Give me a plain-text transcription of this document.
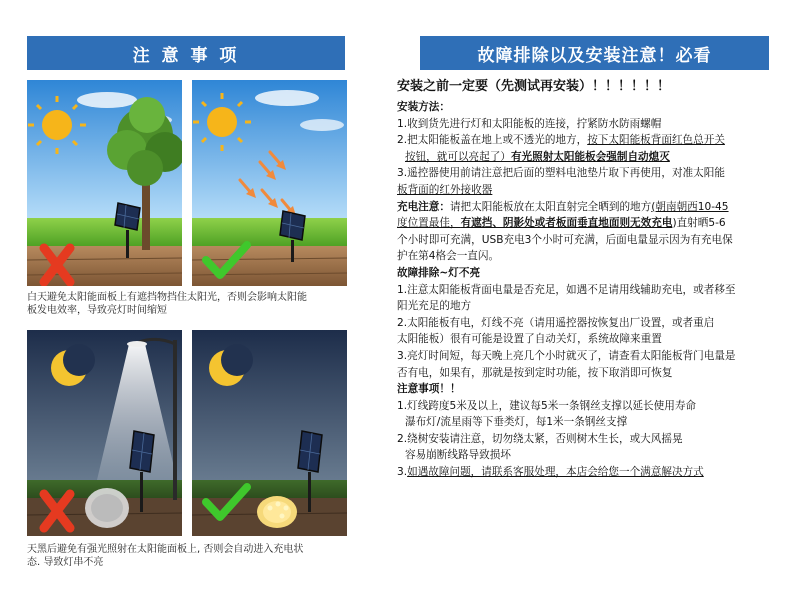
注 意 事 项
白天避免太阳能面板上有遮挡物挡住太阳光，否则会影响太阳能
板发电效率，导致亮灯时间缩短
天黑后避免有强光照射在太阳能面板上, 否则会自动进入充电状
态. 导致灯串不亮
故障排除以及安装注意！必看
安装之前一定要（先测试再安装）！！！！！！
安装方法：
1.收到货先进行灯和太阳能板的连接，拧紧防水防雨螺帽
2.把太阳能板盖在地上或不透光的地方，按下太阳能板背面红色总开关
按钮，就可以亮起了）有光照射太阳能板会强制自动熄灭
3.遥控器使用前请注意把后面的塑料电池垫片取下再使用，对准太阳能
板背面的红外接收器
充电注意：请把太阳能板放在太阳直射完全晒到的地方(朝南朝西10-45
度位置最佳，有遮挡、阴影处或者板面垂直地面则无效充电)直射晒5-6
个小时即可充满，USB充电3个小时可充满，后面电量显示因为有充电保
护在第4格会一直闪。
故障排除~灯不亮
1.注意太阳能板背面电量是否充足，如遇不足请用线辅助充电，或者移至
阳光充足的地方
2.太阳能板有电，灯线不亮（请用遥控器按恢复出厂设置，或者重启
太阳能板）很有可能是设置了自动关灯，系统故障来重置
3.亮灯时间短，每天晚上亮几个小时就灭了，请查看太阳能板背门电量是
否有电，如果有，那就是按到定时功能，按下取消即可恢复
注意事项！！
1.灯线跨度5米及以上，建议每5米一条钢丝支撑以延长使用寿命
瀑布灯/流星雨等下垂类灯，每1米一条钢丝支撑
2.绕树安装请注意，切勿绕太紧，否则树木生长，或大风摇晃
容易崩断线路导致损坏
3.如遇故障问题，请联系客服处理，本店会给您一个满意解决方式
